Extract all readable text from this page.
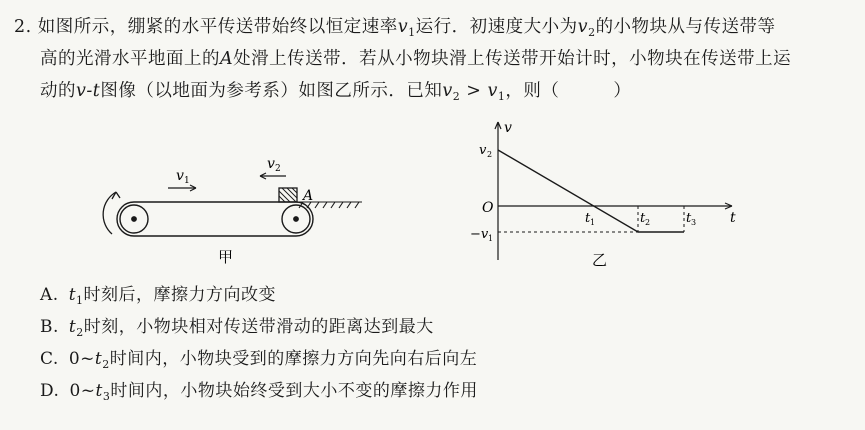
2. 如图所示，绷紧的水平传送带始终以恒定速率$v_1$运行．初速度大小为$v_2$的小物块从与传送带等
高的光滑水平地面上的A处滑上传送带．若从小物块滑上传送带开始计时，小物块在传送带上运
动的v-t图像（以地面为参考系）如图乙所示．已知$v_2 > v_1$，则（　　　）
v 1
v 2
A
甲
v
t
O
v 2
−v 1
t 1	t 2	t 3
乙
A. $t_1$时刻后，摩擦力方向改变
B. $t_2$时刻，小物块相对传送带滑动的距离达到最大
C. $0\sim t_2$时间内，小物块受到的摩擦力方向先向右后向左
D. $0\sim t_3$时间内，小物块始终受到大小不变的摩擦力作用
